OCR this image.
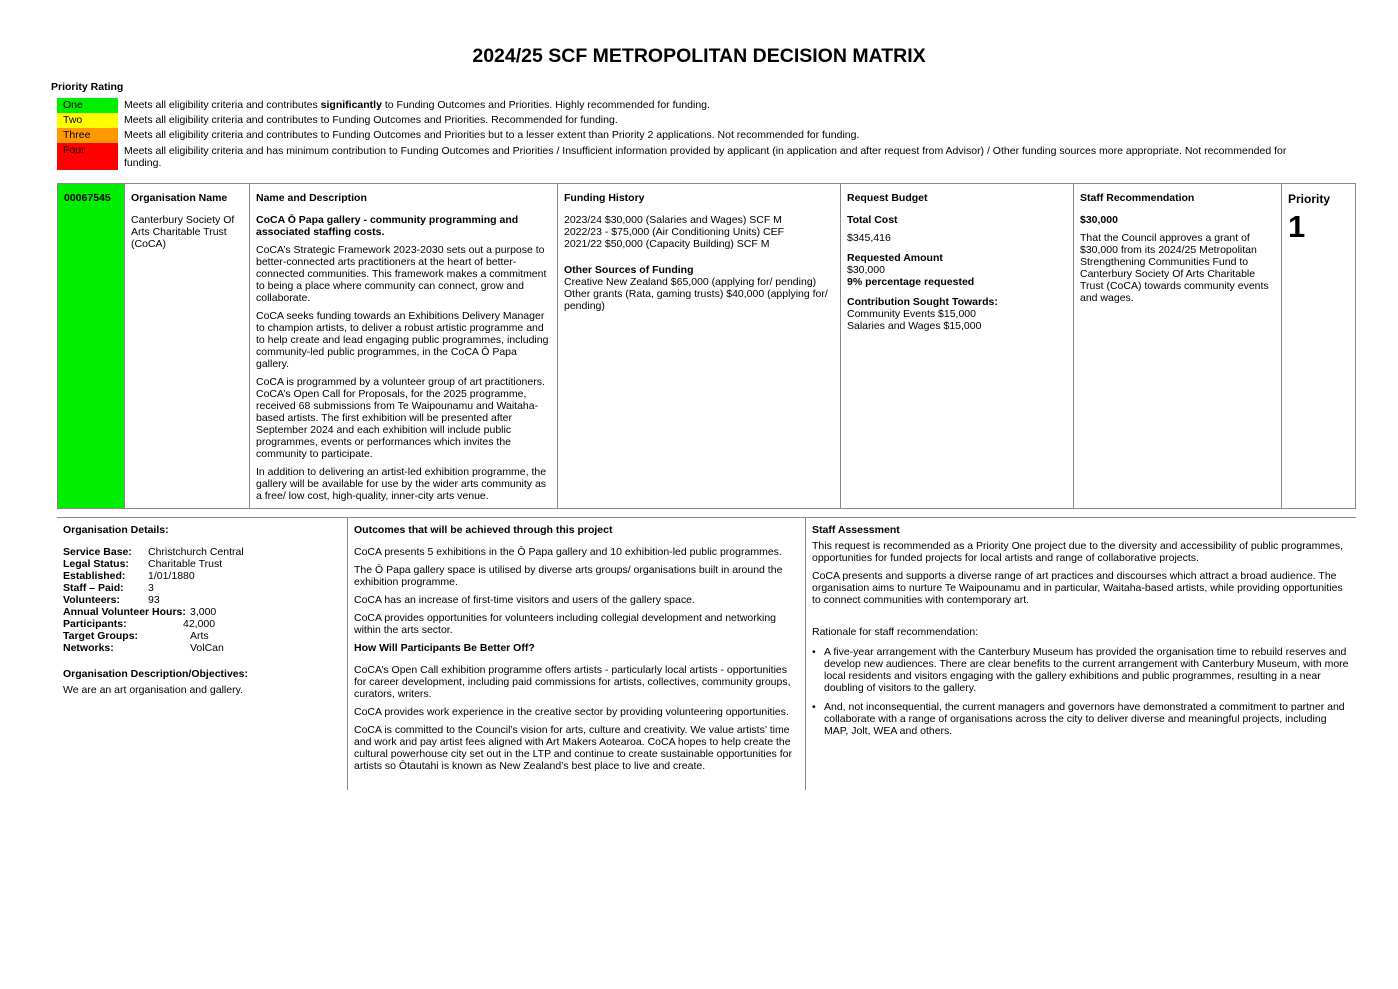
2024/25 SCF METROPOLITAN DECISION MATRIX
Priority Rating
One	Meets all eligibility criteria and contributes significantly to Funding Outcomes and Priorities. Highly recommended for funding.
Two	Meets all eligibility criteria and contributes to Funding Outcomes and Priorities. Recommended for funding.
Three	Meets all eligibility criteria and contributes to Funding Outcomes and Priorities but to a lesser extent than Priority 2 applications. Not recommended for funding.
Four	Meets all eligibility criteria and has minimum contribution to Funding Outcomes and Priorities / Insufficient information provided by applicant (in application and after request from Advisor) / Other funding sources more appropriate. Not recommended for funding.
00067545	Organisation Name
Canterbury Society Of Arts Charitable Trust (CoCA)
Name and Description
CoCA Ō Papa gallery - community programming and associated staffing costs.
CoCA’s Strategic Framework 2023-2030 sets out a purpose to better-connected arts practitioners at the heart of better-connected communities. This framework makes a commitment to being a place where community can connect, grow and collaborate.
CoCA seeks funding towards an Exhibitions Delivery Manager to champion artists, to deliver a robust artistic programme and to help create and lead engaging public programmes, including community-led public programmes, in the CoCA Ō Papa gallery.
CoCA is programmed by a volunteer group of art practitioners. CoCA’s Open Call for Proposals, for the 2025 programme, received 68 submissions from Te Waipounamu and Waitaha-based artists. The first exhibition will be presented after September 2024 and each exhibition will include public programmes, events or performances which invites the community to participate.
In addition to delivering an artist-led exhibition programme, the gallery will be available for use by the wider arts community as a free/ low cost, high-quality, inner-city arts venue.
Funding History
2023/24 $30,000 (Salaries and Wages) SCF M
2022/23 - $75,000 (Air Conditioning Units) CEF
2021/22 $50,000 (Capacity Building) SCF M
Other Sources of Funding
Creative New Zealand $65,000 (applying for/ pending)
Other grants (Rata, gaming trusts) $40,000 (applying for/ pending)
Request Budget
Total Cost
$345,416
Requested Amount
$30,000
9% percentage requested
Contribution Sought Towards:
Community Events $15,000
Salaries and Wages $15,000
Staff Recommendation
$30,000
That the Council approves a grant of $30,000 from its 2024/25 Metropolitan Strengthening Communities Fund to Canterbury Society Of Arts Charitable Trust (CoCA) towards community events and wages.
Priority
1
Organisation Details:
Service Base:	Christchurch Central
Legal Status:	Charitable Trust
Established:	1/01/1880
Staff – Paid:	3
Volunteers:	93
Annual Volunteer Hours: 3,000
Participants:	42,000
Target Groups:	Arts
Networks:	VolCan
Organisation Description/Objectives:
We are an art organisation and gallery.
Outcomes that will be achieved through this project
CoCA presents 5 exhibitions in the Ō Papa gallery and 10 exhibition-led public programmes.
The Ō Papa gallery space is utilised by diverse arts groups/ organisations built in around the exhibition programme.
CoCA has an increase of first-time visitors and users of the gallery space.
CoCA provides opportunities for volunteers including collegial development and networking within the arts sector.
How Will Participants Be Better Off?
CoCA’s Open Call exhibition programme offers artists - particularly local artists - opportunities for career development, including paid commissions for artists, collectives, community groups, curators, writers.
CoCA provides work experience in the creative sector by providing volunteering opportunities.
CoCA is committed to the Council’s vision for arts, culture and creativity. We value artists’ time and work and pay artist fees aligned with Art Makers Aotearoa. CoCA hopes to help create the cultural powerhouse city set out in the LTP and continue to create sustainable opportunities for artists so Ōtautahi is known as New Zealand’s best place to live and create.
Staff Assessment
This request is recommended as a Priority One project due to the diversity and accessibility of public programmes, opportunities for funded projects for local artists and range of collaborative projects.
CoCA presents and supports a diverse range of art practices and discourses which attract a broad audience. The organisation aims to nurture Te Waipounamu and in particular, Waitaha-based artists, while providing opportunities to connect communities with contemporary art.
Rationale for staff recommendation:
• A five-year arrangement with the Canterbury Museum has provided the organisation time to rebuild reserves and develop new audiences. There are clear benefits to the current arrangement with Canterbury Museum, with more local residents and visitors engaging with the gallery exhibitions and public programmes, resulting in a near doubling of visitors to the gallery.
• And, not inconsequential, the current managers and governors have demonstrated a commitment to partner and collaborate with a range of organisations across the city to deliver diverse and meaningful projects, including MAP, Jolt, WEA and others.
